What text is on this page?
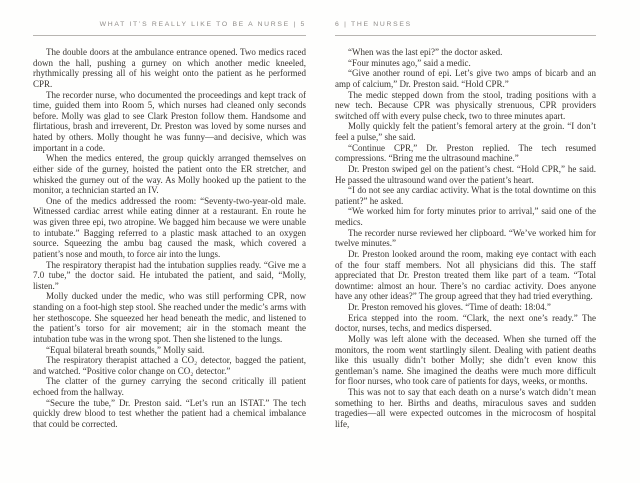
WHAT IT’S REALLY LIKE TO BE A NURSE | 5

The double doors at the ambulance entrance opened. Two medics raced down the hall, pushing a gurney on which another medic kneeled, rhythmically pressing all of his weight onto the patient as he performed CPR.

The recorder nurse, who documented the proceedings and kept track of time, guided them into Room 5, which nurses had cleaned only seconds before. Molly was glad to see Clark Preston follow them. Handsome and flirtatious, brash and irreverent, Dr. Preston was loved by some nurses and hated by others. Molly thought he was funny—and decisive, which was important in a code.

When the medics entered, the group quickly arranged themselves on either side of the gurney, hoisted the patient onto the ER stretcher, and whisked the gurney out of the way. As Molly hooked up the patient to the monitor, a technician started an IV.

One of the medics addressed the room: “Seventy-two-year-old male. Witnessed cardiac arrest while eating dinner at a restaurant. En route he was given three epi, two atropine. We bagged him because we were unable to intubate.” Bagging referred to a plastic mask attached to an oxygen source. Squeezing the ambu bag caused the mask, which covered a patient’s nose and mouth, to force air into the lungs.

The respiratory therapist had the intubation supplies ready. “Give me a 7.0 tube,” the doctor said. He intubated the patient, and said, “Molly, listen.”

Molly ducked under the medic, who was still performing CPR, now standing on a foot-high step stool. She reached under the medic’s arms with her stethoscope. She squeezed her head beneath the medic, and listened to the patient’s torso for air movement; air in the stomach meant the intubation tube was in the wrong spot. Then she listened to the lungs.

“Equal bilateral breath sounds,” Molly said.

The respiratory therapist attached a CO₂ detector, bagged the patient, and watched. “Positive color change on CO₂ detector.”

The clatter of the gurney carrying the second critically ill patient echoed from the hallway.

“Secure the tube,” Dr. Preston said. “Let’s run an ISTAT.” The tech quickly drew blood to test whether the patient had a chemical imbalance that could be corrected.

6 | THE NURSES

“When was the last epi?” the doctor asked.

“Four minutes ago,” said a medic.

“Give another round of epi. Let’s give two amps of bicarb and an amp of calcium,” Dr. Preston said. “Hold CPR.”

The medic stepped down from the stool, trading positions with a new tech. Because CPR was physically strenuous, CPR providers switched off with every pulse check, two to three minutes apart.

Molly quickly felt the patient’s femoral artery at the groin. “I don’t feel a pulse,” she said.

“Continue CPR,” Dr. Preston replied. The tech resumed compressions. “Bring me the ultrasound machine.”

Dr. Preston swiped gel on the patient’s chest. “Hold CPR,” he said. He passed the ultrasound wand over the patient’s heart.

“I do not see any cardiac activity. What is the total downtime on this patient?” he asked.

“We worked him for forty minutes prior to arrival,” said one of the medics.

The recorder nurse reviewed her clipboard. “We’ve worked him for twelve minutes.”

Dr. Preston looked around the room, making eye contact with each of the four staff members. Not all physicians did this. The staff appreciated that Dr. Preston treated them like part of a team. “Total downtime: almost an hour. There’s no cardiac activity. Does anyone have any other ideas?” The group agreed that they had tried everything.

Dr. Preston removed his gloves. “Time of death: 18:04.”

Erica stepped into the room. “Clark, the next one’s ready.” The doctor, nurses, techs, and medics dispersed.

Molly was left alone with the deceased. When she turned off the monitors, the room went startlingly silent. Dealing with patient deaths like this usually didn’t bother Molly; she didn’t even know this gentleman’s name. She imagined the deaths were much more difficult for floor nurses, who took care of patients for days, weeks, or months.

This was not to say that each death on a nurse’s watch didn’t mean something to her. Births and deaths, miraculous saves and sudden tragedies—all were expected outcomes in the microcosm of hospital life,
